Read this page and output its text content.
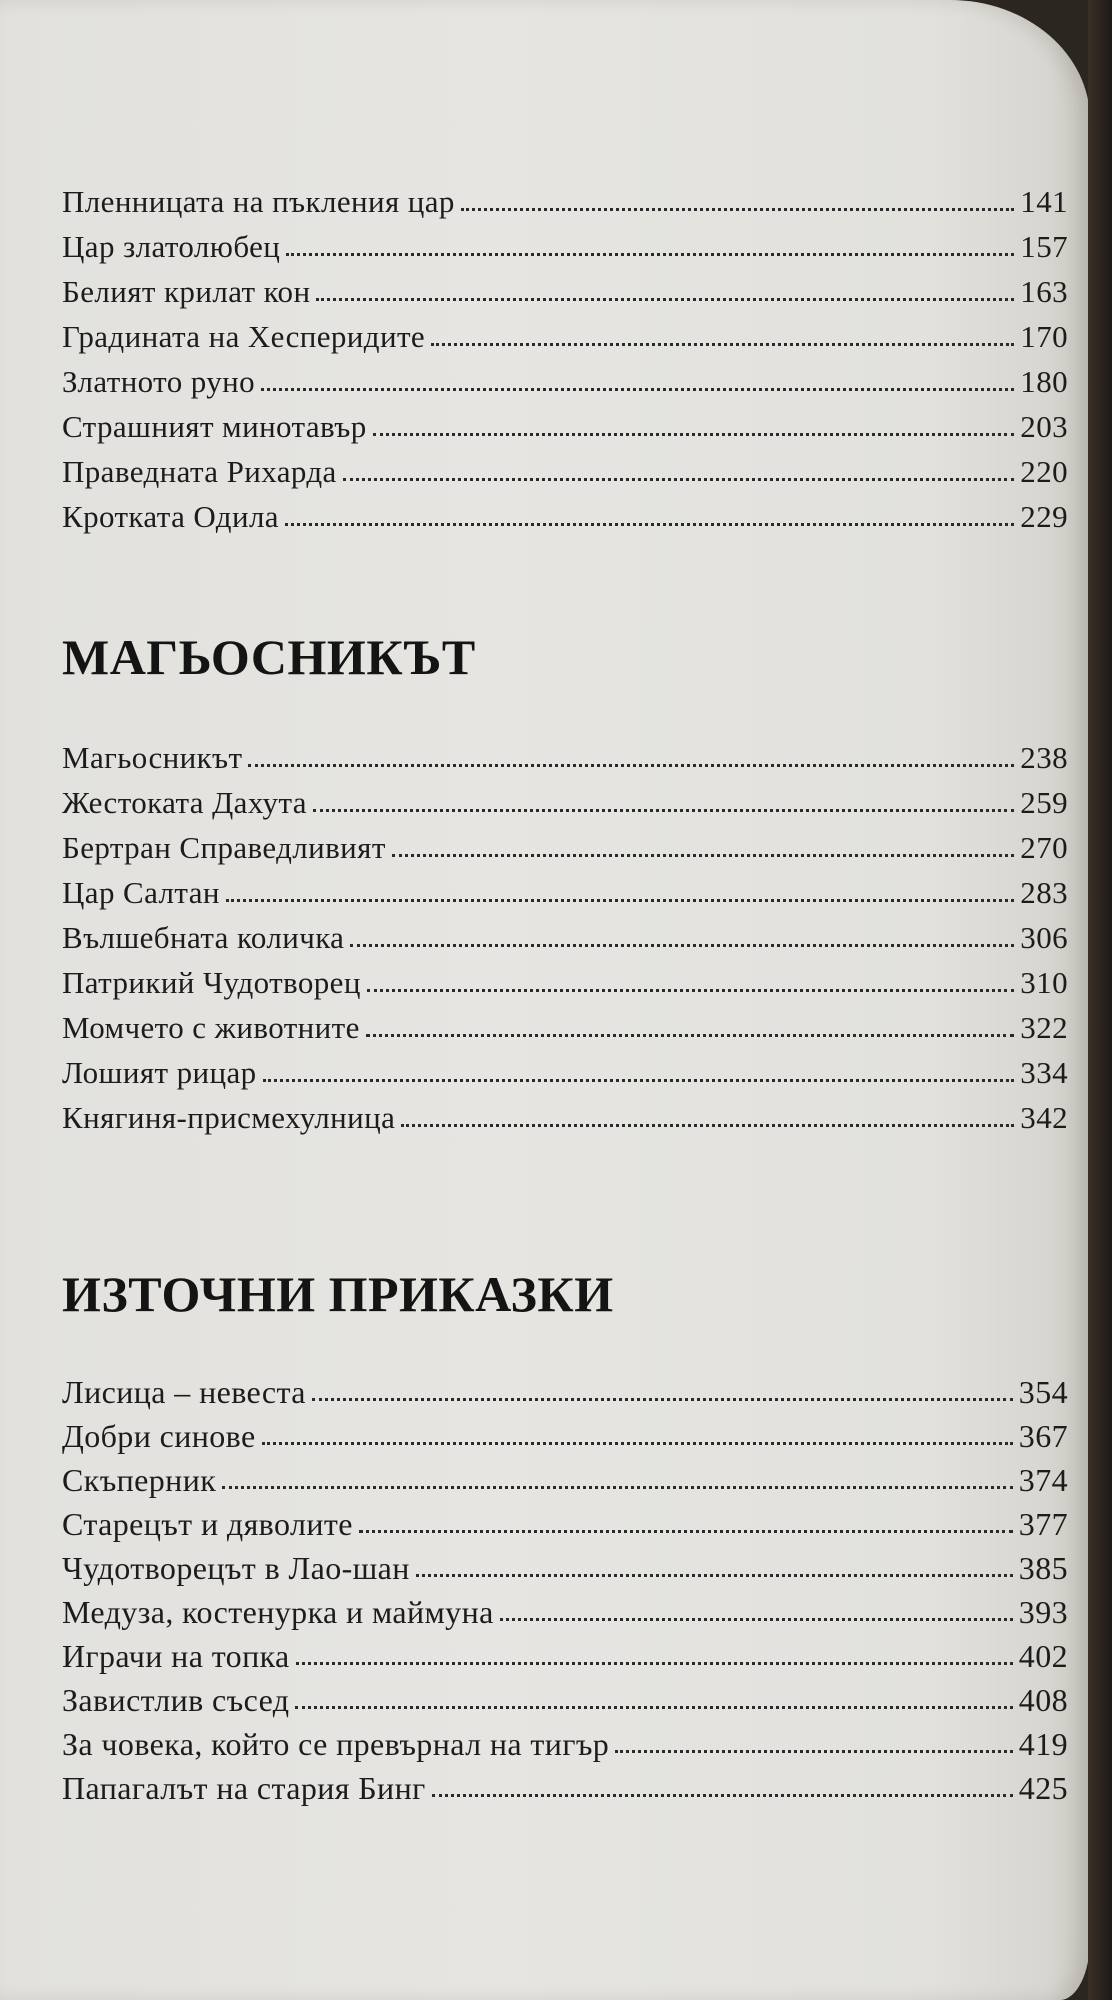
Пленницата на пъкления цар	141
Цар златолюбец	157
Белият крилат кон	163
Градината на Хесперидите	170
Златното руно	180
Страшният минотавър	203
Праведната Рихарда	220
Кротката Одила	229
МАГЬОСНИКЪТ
Магьосникът	238
Жестоката Дахута	259
Бертран Справедливият	270
Цар Салтан	283
Вълшебната количка	306
Патрикий Чудотворец	310
Момчето с животните	322
Лошият рицар	334
Княгиня-присмехулница	342
ИЗТОЧНИ ПРИКАЗКИ
Лисица – невеста	354
Добри синове	367
Скъперник	374
Старецът и дяволите	377
Чудотворецът в Лао-шан	385
Медуза, костенурка и маймуна	393
Играчи на топка	402
Завистлив съсед	408
За човека, който се превърнал на тигър	419
Папагалът на стария Бинг	425
